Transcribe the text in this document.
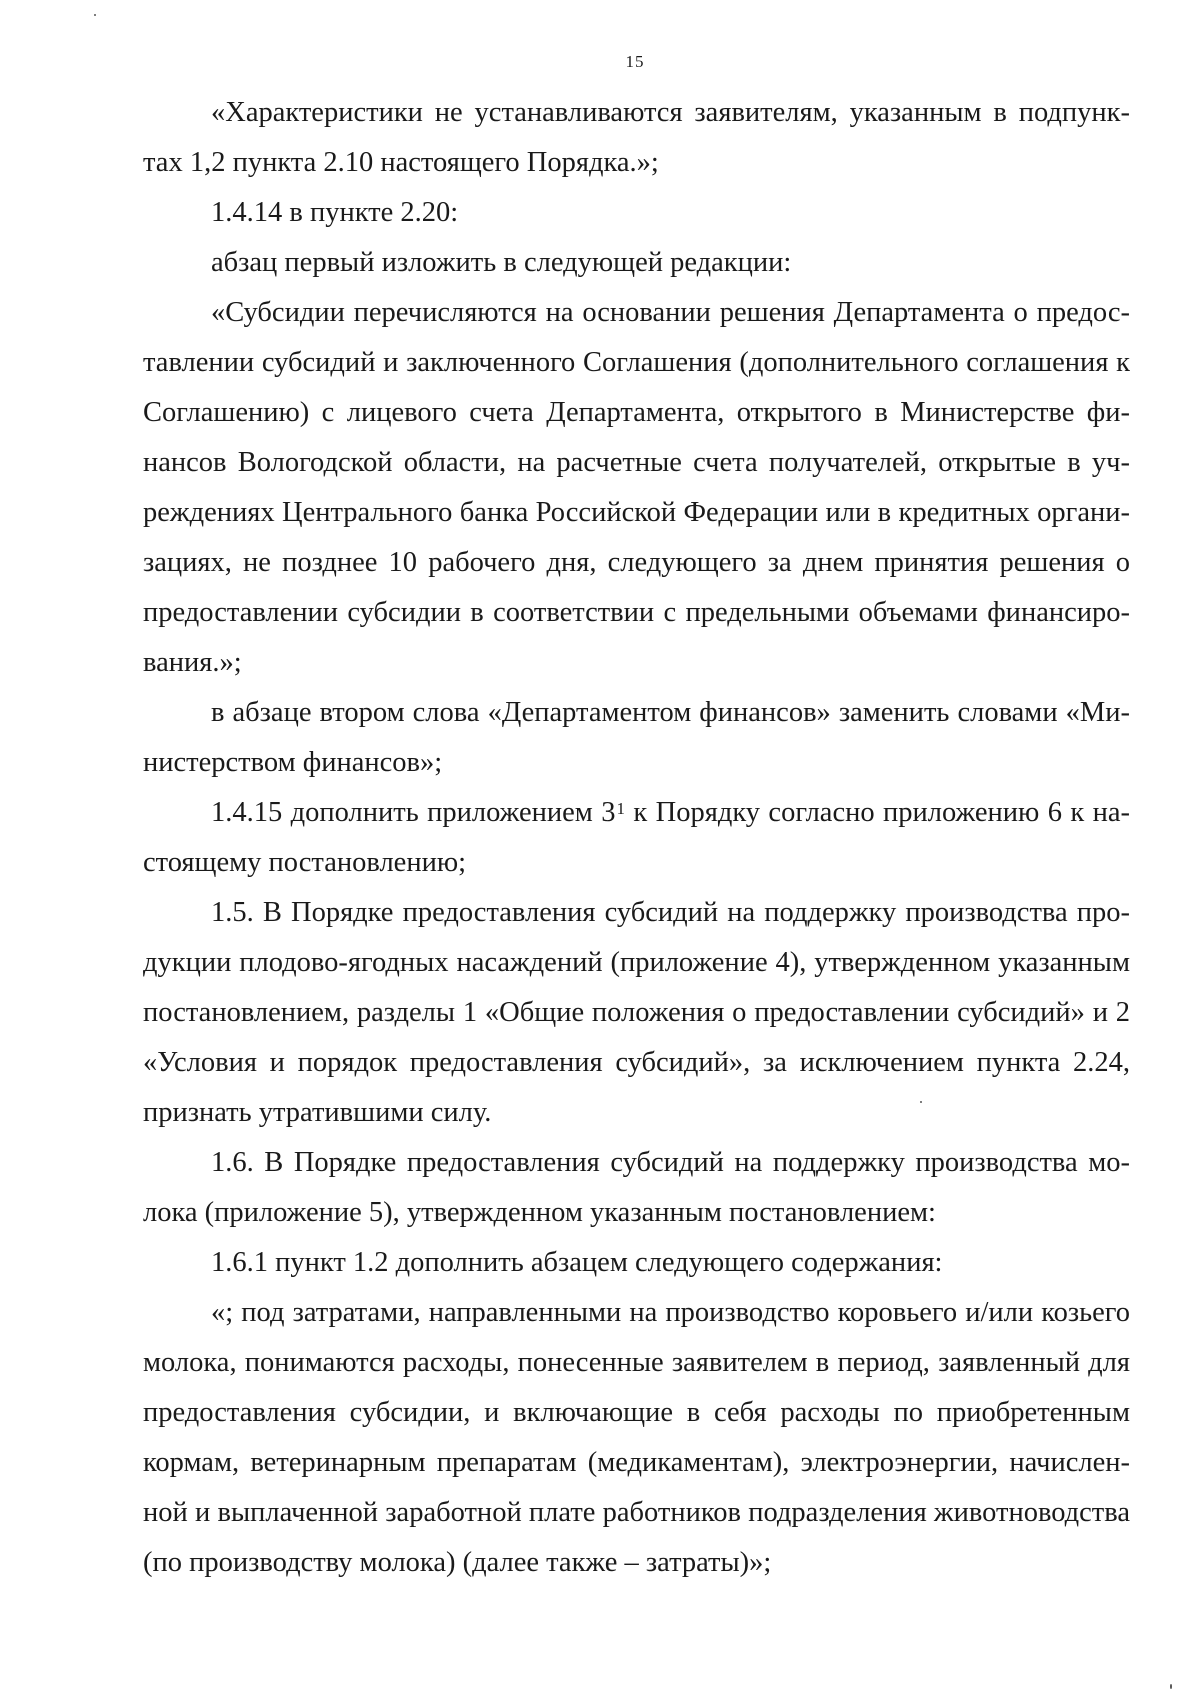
15

«Характеристики не устанавливаются заявителям, указанным в подпунктах 1,2 пункта 2.10 настоящего Порядка.»;

1.4.14 в пункте 2.20:

абзац первый изложить в следующей редакции:

«Субсидии перечисляются на основании решения Департамента о предоставлении субсидий и заключенного Соглашения (дополнительного соглашения к Соглашению) с лицевого счета Департамента, открытого в Министерстве финансов Вологодской области, на расчетные счета получателей, открытые в учреждениях Центрального банка Российской Федерации или в кредитных организациях, не позднее 10 рабочего дня, следующего за днем принятия решения о предоставлении субсидии в соответствии с предельными объемами финансирования.»;

в абзаце втором слова «Департаментом финансов» заменить словами «Министерством финансов»;

1.4.15 дополнить приложением $3^1$ к Порядку согласно приложению 6 к настоящему постановлению;

1.5. В Порядке предоставления субсидий на поддержку производства продукции плодово-ягодных насаждений (приложение 4), утвержденном указанным постановлением, разделы 1 «Общие положения о предоставлении субсидий» и 2 «Условия и порядок предоставления субсидий», за исключением пункта 2.24, признать утратившими силу.

1.6. В Порядке предоставления субсидий на поддержку производства молока (приложение 5), утвержденном указанным постановлением:

1.6.1 пункт 1.2 дополнить абзацем следующего содержания:

«; под затратами, направленными на производство коровьего и/или козьего молока, понимаются расходы, понесенные заявителем в период, заявленный для предоставления субсидии, и включающие в себя расходы по приобретенным кормам, ветеринарным препаратам (медикаментам), электроэнергии, начисленной и выплаченной заработной плате работников подразделения животноводства (по производству молока) (далее также – затраты)»;
